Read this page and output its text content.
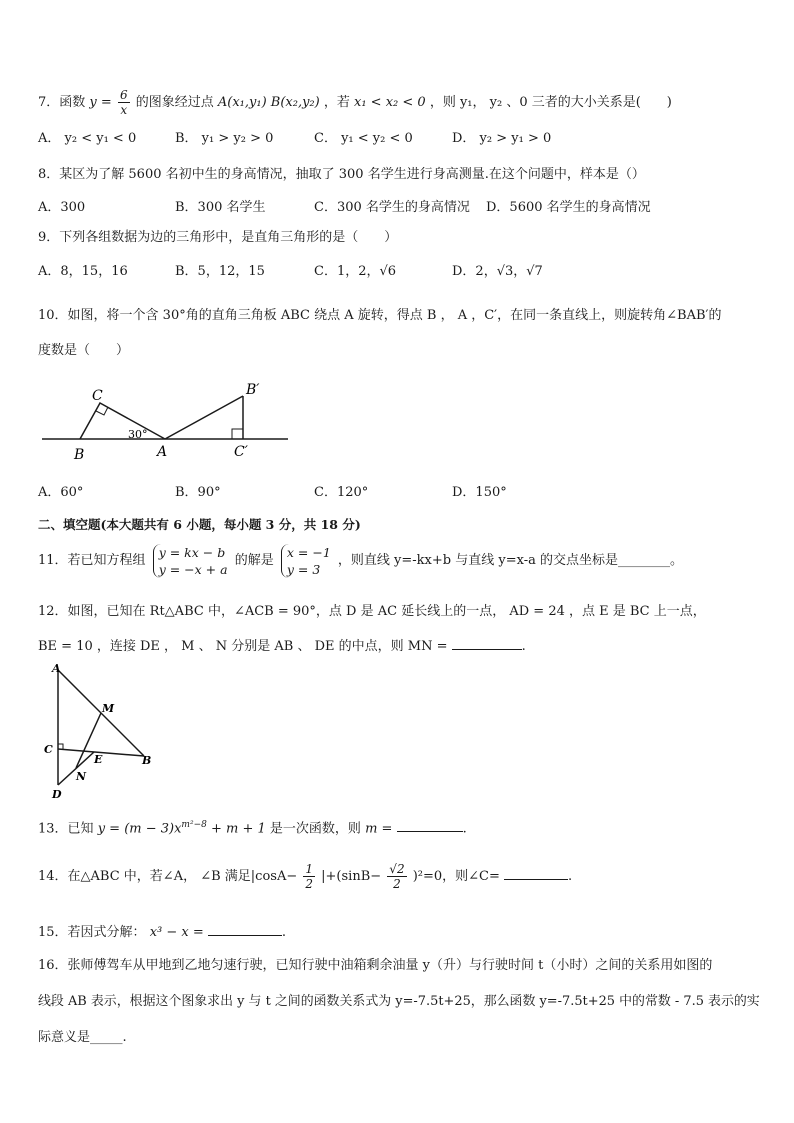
7．函数 $y = \frac{6}{x}$ 的图象经过点 A(x₁,y₁) B(x₂,y₂) ，若 x₁ < x₂ < 0 ，则 y₁， y₂ 、0 三者的大小关系是(　　)
A． y₂ < y₁ < 0	B． y₁ > y₂ > 0	C． y₁ < y₂ < 0	D． y₂ > y₁ > 0
8．某区为了解 5600 名初中生的身高情况，抽取了 300 名学生进行身高测量.在这个问题中，样本是（）
A．300	B．300 名学生	C．300 名学生的身高情况 D．5600 名学生的身高情况
9．下列各组数据为边的三角形中，是直角三角形的是（　　）
A．8，15，16	B．5，12，15	C．1，2，√6	D．2，√3，√7
10．如图，将一个含 30°角的直角三角板 ABC 绕点 A 旋转，得点 B ， A ，C′，在同一条直线上，则旋转角∠BAB′的
度数是（　　）
C
B	A
B′
C′
30°
A．60°	B．90°	C．120°	D．150°
二、填空题(本大题共有 6 小题，每小题 3 分，共 18 分)
11．若已知方程组
y = kx − b
y = −x + a
的解是
x = −1
y = 3
，则直线 y=-kx+b 与直线 y=x-a 的交点坐标是________。
12．如图，已知在 Rt△ABC 中，∠ACB = 90°，点 D 是 AC 延长线上的一点， AD = 24 ，点 E 是 BC 上一点，
BE = 10 ，连接 DE ， M 、 N 分别是 AB 、 DE 的中点，则 MN =	.
A
M
C
E	B
N
D
13．已知 $y = (m - 3)x^{m^2-8} + m + 1$ 是一次函数，则 m =	.
14．在△ABC 中，若∠A， ∠B 满足$|\cos A- \frac{1}{2} |+(\sin B- \frac{√2}{2} )^2=0$，则∠C=	.
15．若因式分解： x³ − x =	.
16．张师傅驾车从甲地到乙地匀速行驶，已知行驶中油箱剩余油量 y（升）与行驶时间 t（小时）之间的关系用如图的
线段 AB 表示，根据这个图象求出 y 与 t 之间的函数关系式为 y=-7.5t+25，那么函数 y=-7.5t+25 中的常数 - 7.5 表示的实
际意义是_____.
